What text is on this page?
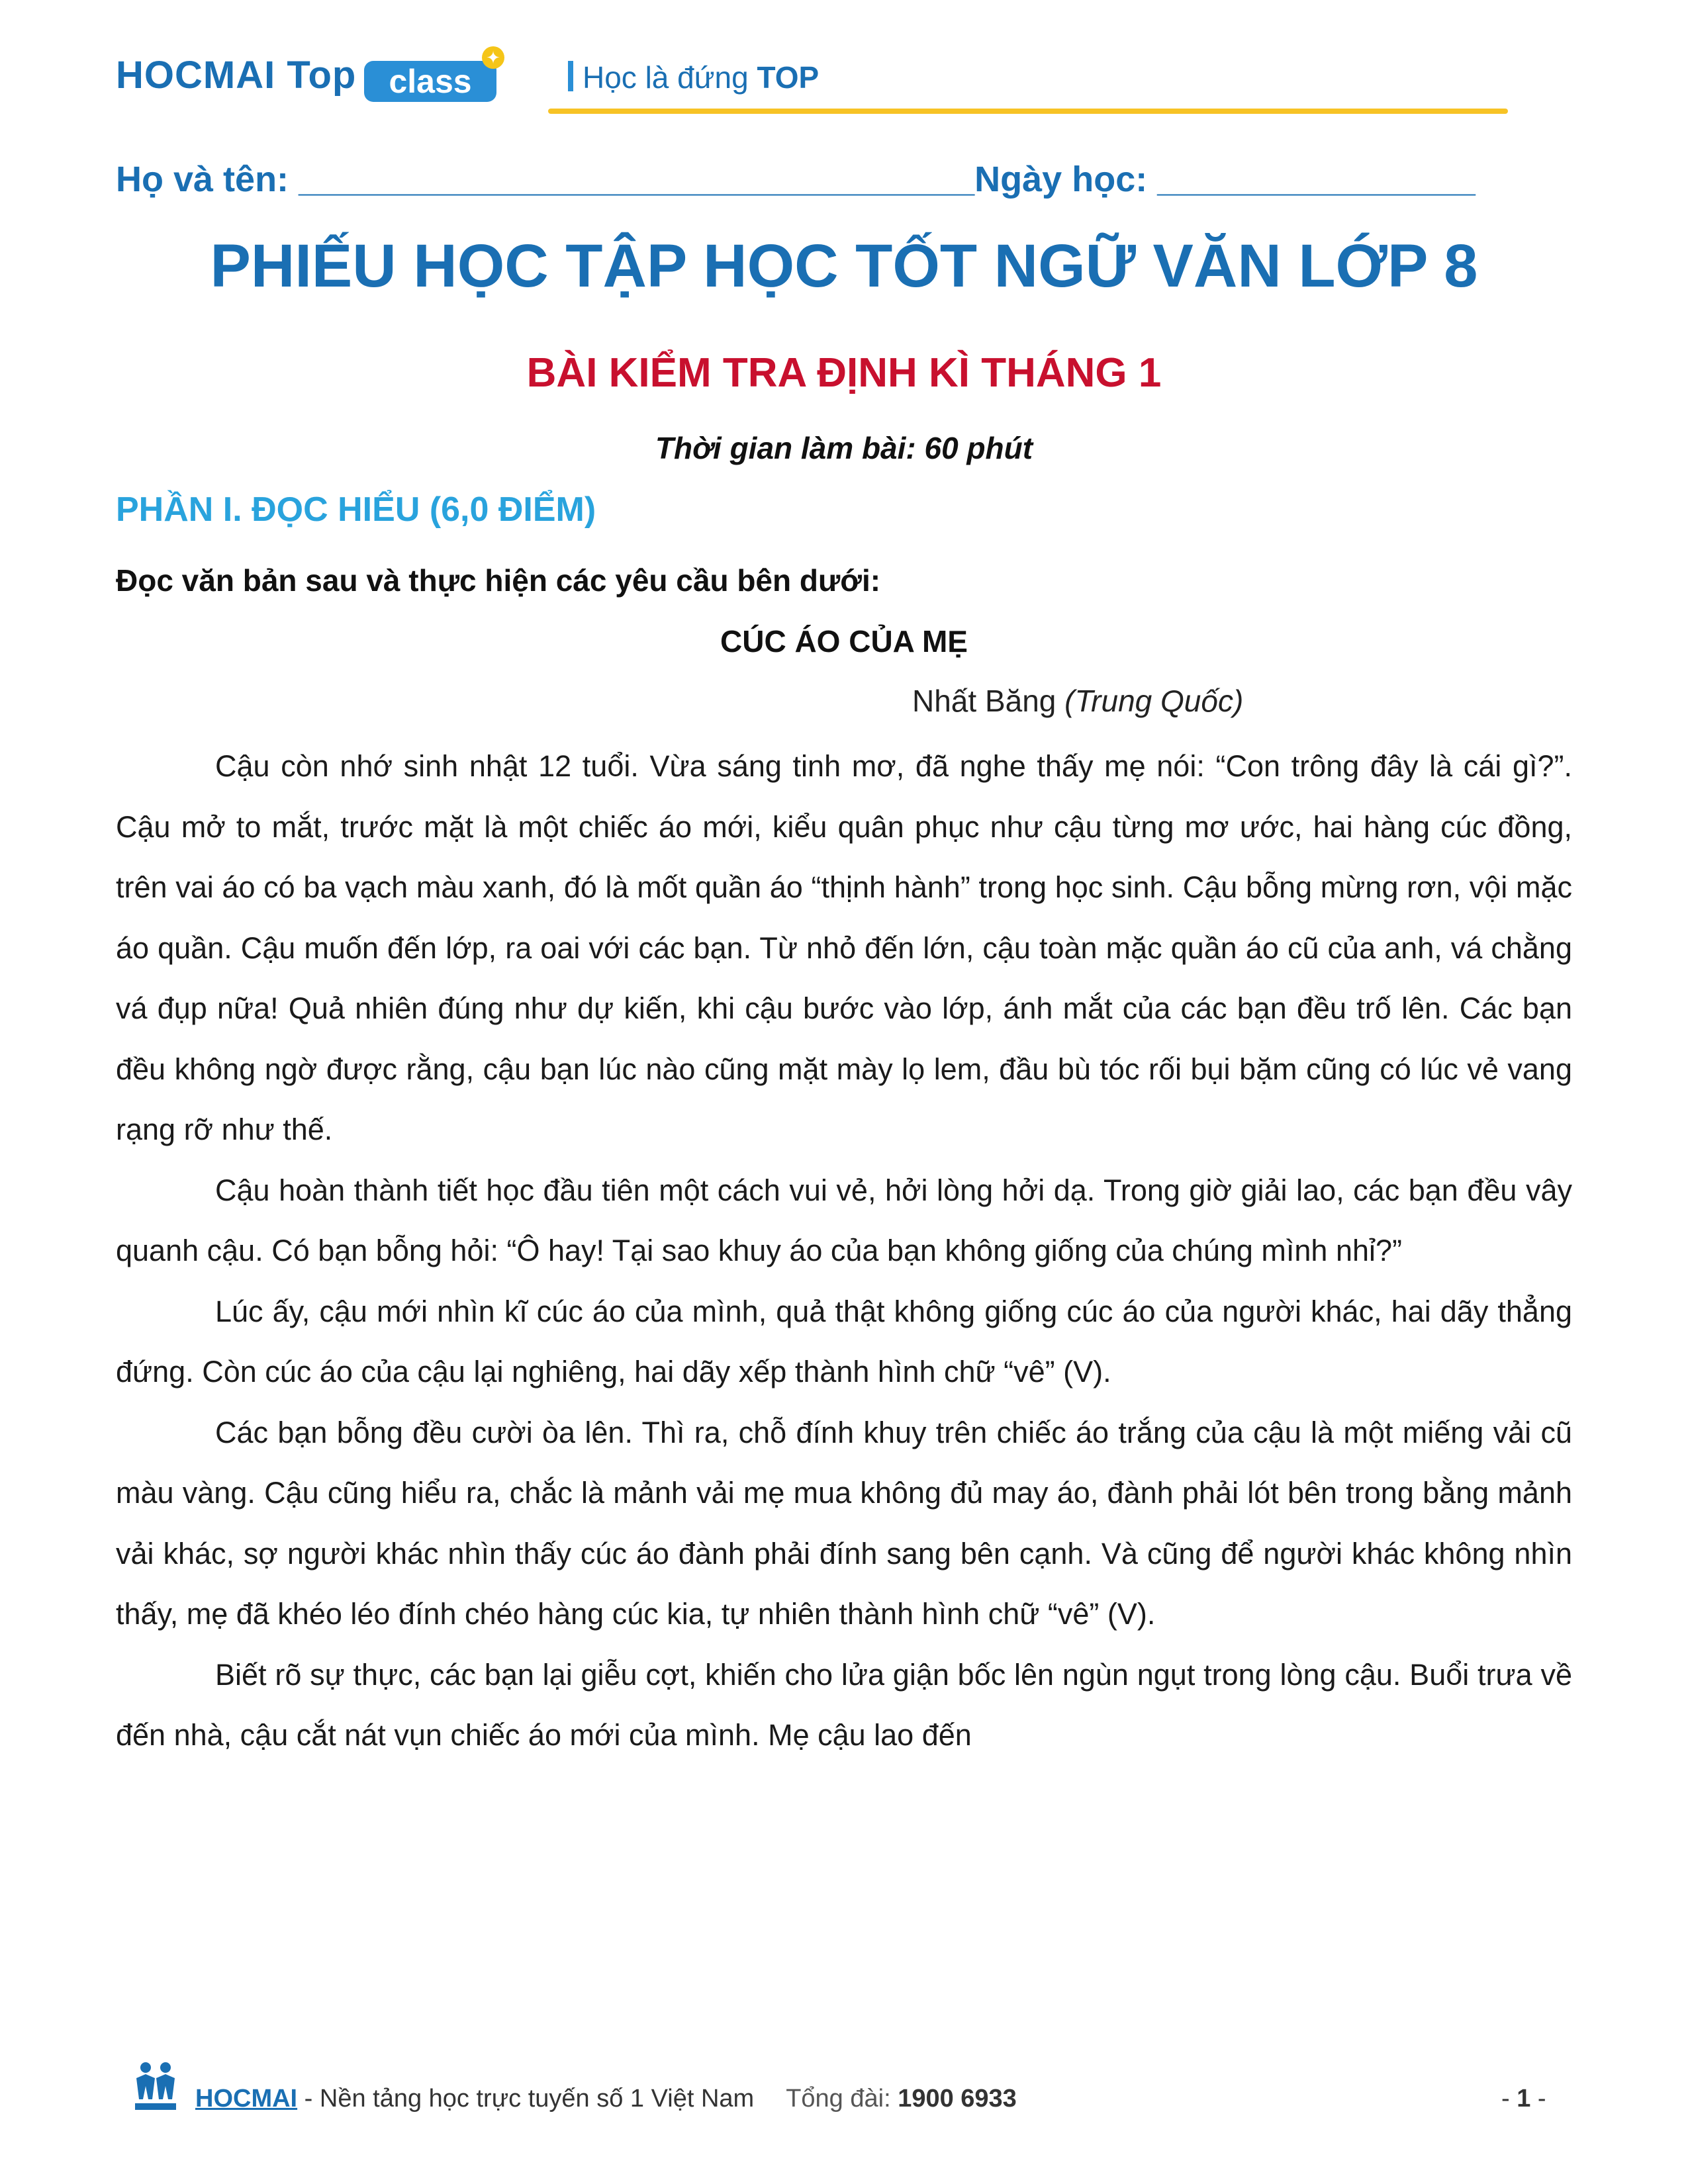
HOCMAI Top class
✦
Học là đứng TOP
Họ và tên: __________________________________Ngày học: ________________
PHIẾU HỌC TẬP HỌC TỐT NGỮ VĂN LỚP 8
BÀI KIỂM TRA ĐỊNH KÌ THÁNG 1
Thời gian làm bài: 60 phút
PHẦN I. ĐỌC HIỂU (6,0 ĐIỂM)
Đọc văn bản sau và thực hiện các yêu cầu bên dưới:
CÚC ÁO CỦA MẸ
Nhất Băng (Trung Quốc)

Cậu còn nhớ sinh nhật 12 tuổi. Vừa sáng tinh mơ, đã nghe thấy mẹ nói: “Con trông đây là cái gì?”. Cậu mở to mắt, trước mặt là một chiếc áo mới, kiểu quân phục như cậu từng mơ ước, hai hàng cúc đồng, trên vai áo có ba vạch màu xanh, đó là mốt quần áo “thịnh hành” trong học sinh. Cậu bỗng mừng rơn, vội mặc áo quần. Cậu muốn đến lớp, ra oai với các bạn. Từ nhỏ đến lớn, cậu toàn mặc quần áo cũ của anh, vá chằng vá đụp nữa! Quả nhiên đúng như dự kiến, khi cậu bước vào lớp, ánh mắt của các bạn đều trố lên. Các bạn đều không ngờ được rằng, cậu bạn lúc nào cũng mặt mày lọ lem, đầu bù tóc rối bụi bặm cũng có lúc vẻ vang rạng rỡ như thế.

Cậu hoàn thành tiết học đầu tiên một cách vui vẻ, hởi lòng hởi dạ. Trong giờ giải lao, các bạn đều vây quanh cậu. Có bạn bỗng hỏi: “Ô hay! Tại sao khuy áo của bạn không giống của chúng mình nhỉ?”

Lúc ấy, cậu mới nhìn kĩ cúc áo của mình, quả thật không giống cúc áo của người khác, hai dãy thẳng đứng. Còn cúc áo của cậu lại nghiêng, hai dãy xếp thành hình chữ “vê” (V).

Các bạn bỗng đều cười òa lên. Thì ra, chỗ đính khuy trên chiếc áo trắng của cậu là một miếng vải cũ màu vàng. Cậu cũng hiểu ra, chắc là mảnh vải mẹ mua không đủ may áo, đành phải lót bên trong bằng mảnh vải khác, sợ người khác nhìn thấy cúc áo đành phải đính sang bên cạnh. Và cũng để người khác không nhìn thấy, mẹ đã khéo léo đính chéo hàng cúc kia, tự nhiên thành hình chữ “vê” (V).

Biết rõ sự thực, các bạn lại giễu cợt, khiến cho lửa giận bốc lên ngùn ngụt trong lòng cậu. Buổi trưa về đến nhà, cậu cắt nát vụn chiếc áo mới của mình. Mẹ cậu lao đến

HOCMAI - Nền tảng học trực tuyến số 1 Việt Nam Tổng đài: 1900 6933	- 1 -
